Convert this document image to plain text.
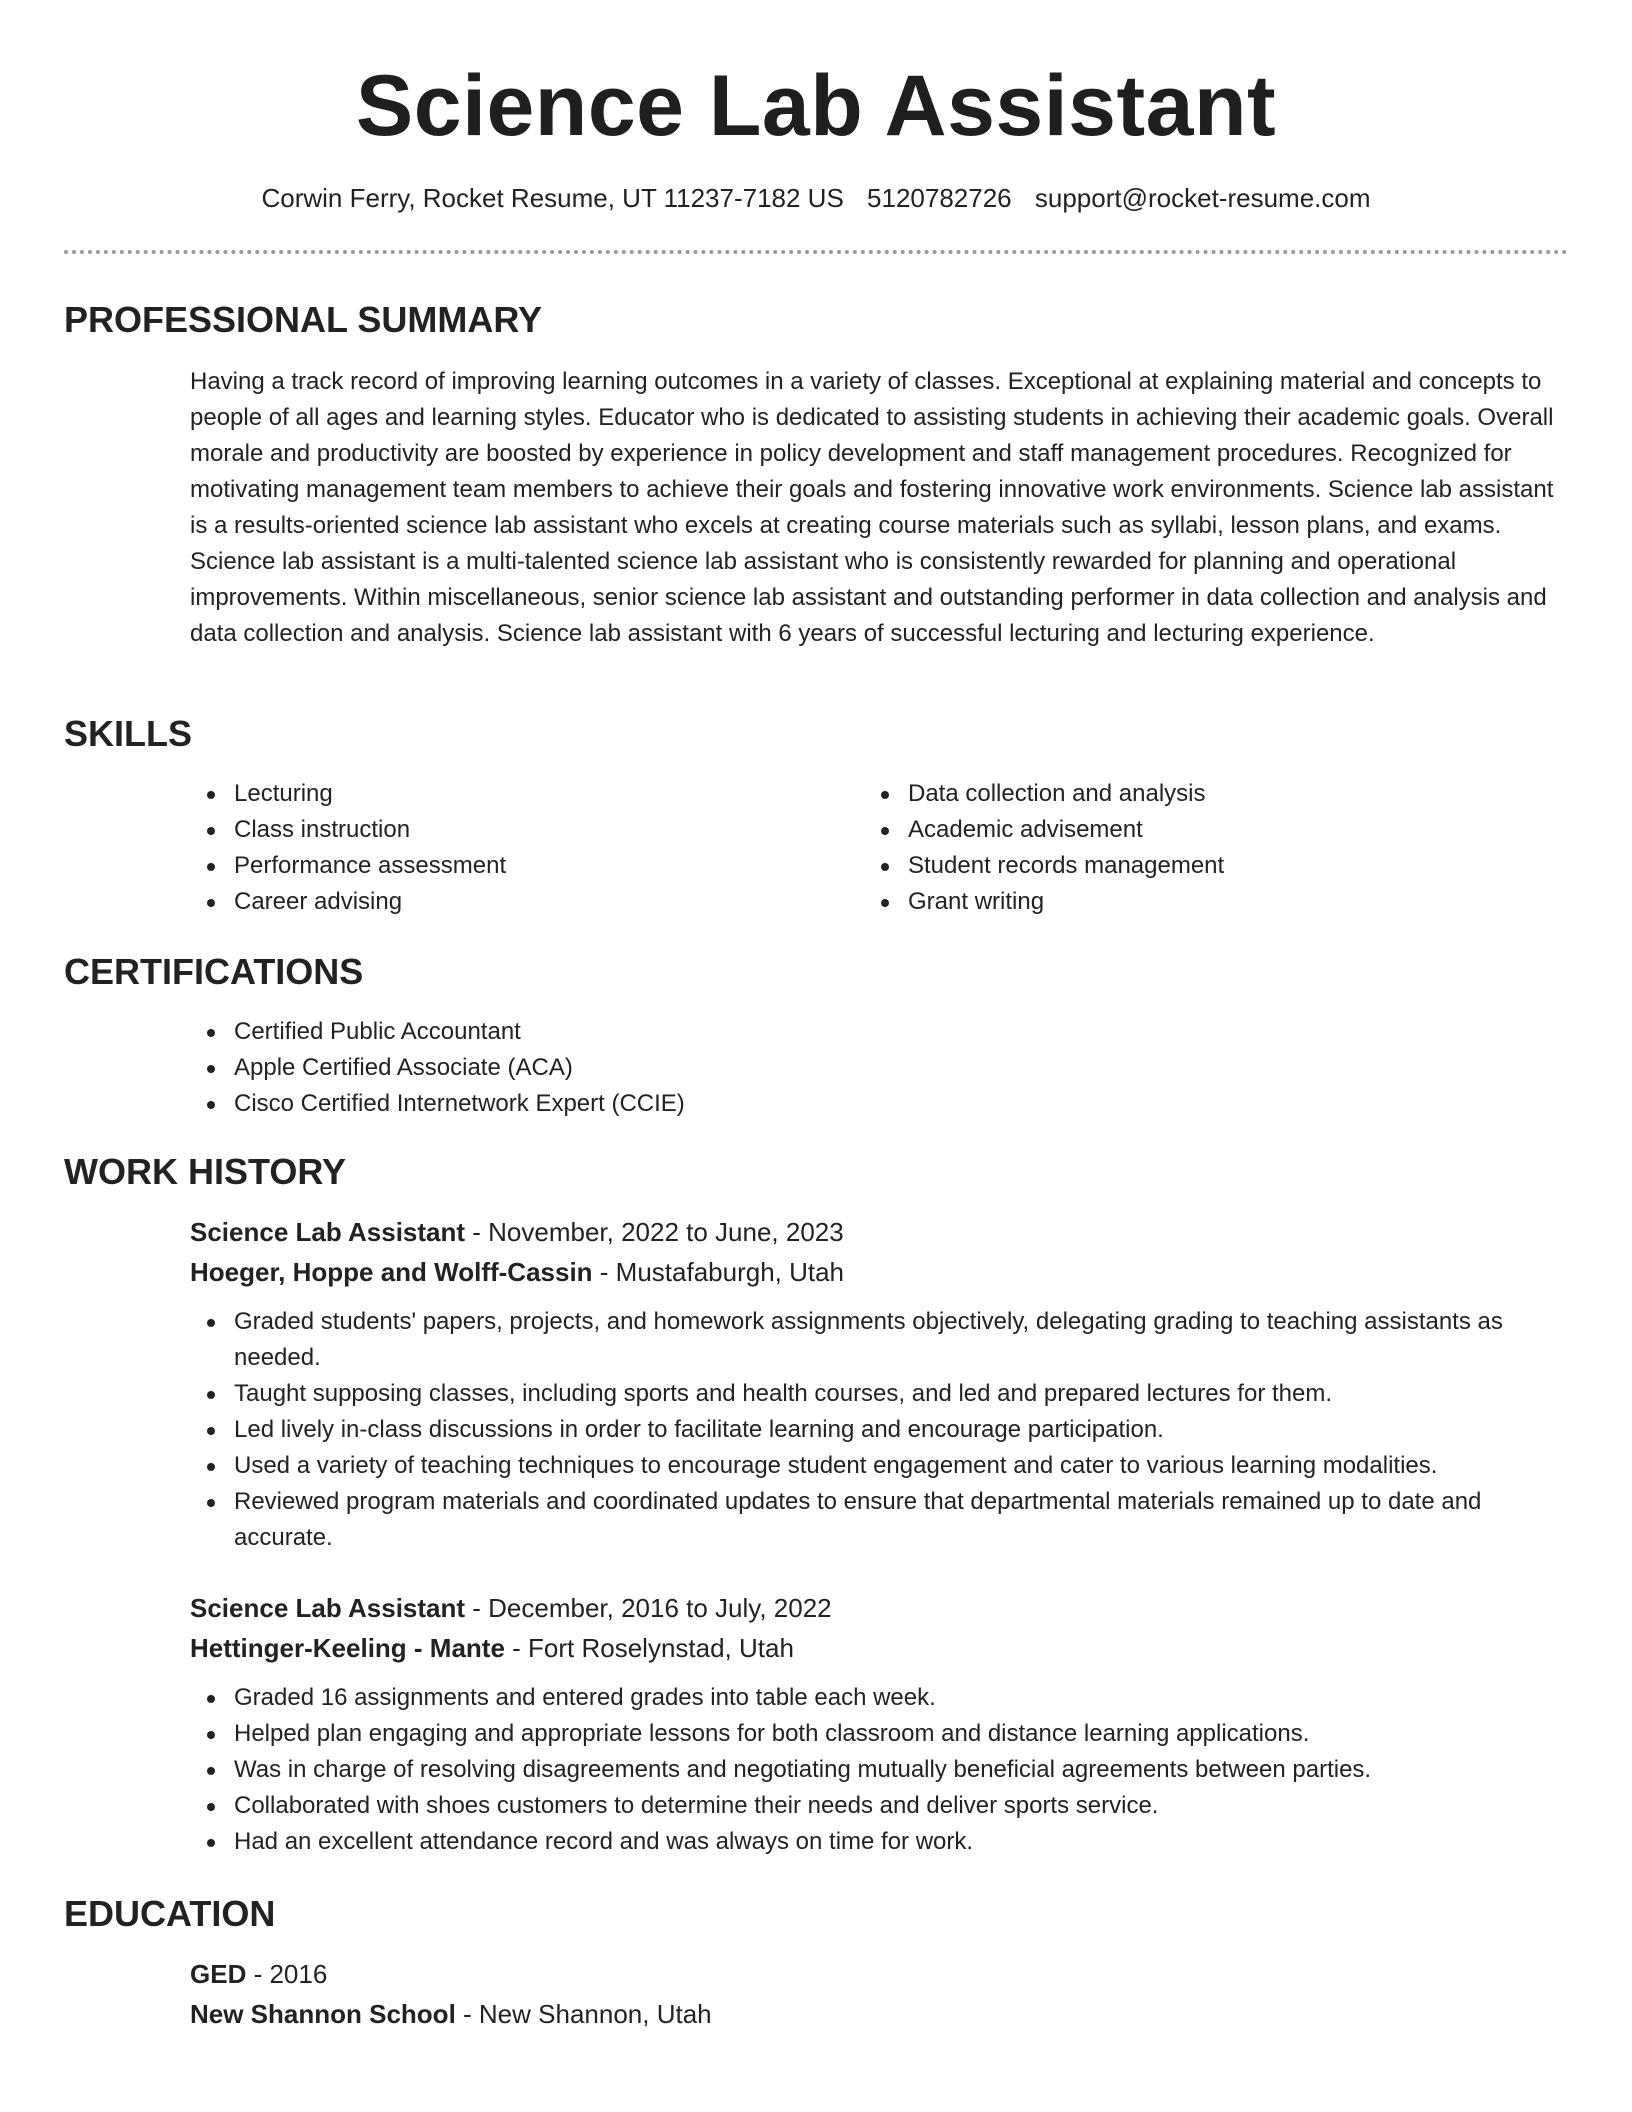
Science Lab Assistant
Corwin Ferry, Rocket Resume, UT 11237-7182 US 5120782726 support@rocket-resume.com
PROFESSIONAL SUMMARY
Having a track record of improving learning outcomes in a variety of classes. Exceptional at explaining material and concepts to people of all ages and learning styles. Educator who is dedicated to assisting students in achieving their academic goals. Overall morale and productivity are boosted by experience in policy development and staff management procedures. Recognized for motivating management team members to achieve their goals and fostering innovative work environments. Science lab assistant is a results-oriented science lab assistant who excels at creating course materials such as syllabi, lesson plans, and exams. Science lab assistant is a multi-talented science lab assistant who is consistently rewarded for planning and operational improvements. Within miscellaneous, senior science lab assistant and outstanding performer in data collection and analysis and data collection and analysis. Science lab assistant with 6 years of successful lecturing and lecturing experience.
SKILLS
Lecturing
Class instruction
Performance assessment
Career advising
Data collection and analysis
Academic advisement
Student records management
Grant writing
CERTIFICATIONS
Certified Public Accountant
Apple Certified Associate (ACA)
Cisco Certified Internetwork Expert (CCIE)
WORK HISTORY
Science Lab Assistant - November, 2022 to June, 2023
Hoeger, Hoppe and Wolff-Cassin - Mustafaburgh, Utah
Graded students' papers, projects, and homework assignments objectively, delegating grading to teaching assistants as needed.
Taught supposing classes, including sports and health courses, and led and prepared lectures for them.
Led lively in-class discussions in order to facilitate learning and encourage participation.
Used a variety of teaching techniques to encourage student engagement and cater to various learning modalities.
Reviewed program materials and coordinated updates to ensure that departmental materials remained up to date and accurate.
Science Lab Assistant - December, 2016 to July, 2022
Hettinger-Keeling - Mante - Fort Roselynstad, Utah
Graded 16 assignments and entered grades into table each week.
Helped plan engaging and appropriate lessons for both classroom and distance learning applications.
Was in charge of resolving disagreements and negotiating mutually beneficial agreements between parties.
Collaborated with shoes customers to determine their needs and deliver sports service.
Had an excellent attendance record and was always on time for work.
EDUCATION
GED - 2016
New Shannon School - New Shannon, Utah
